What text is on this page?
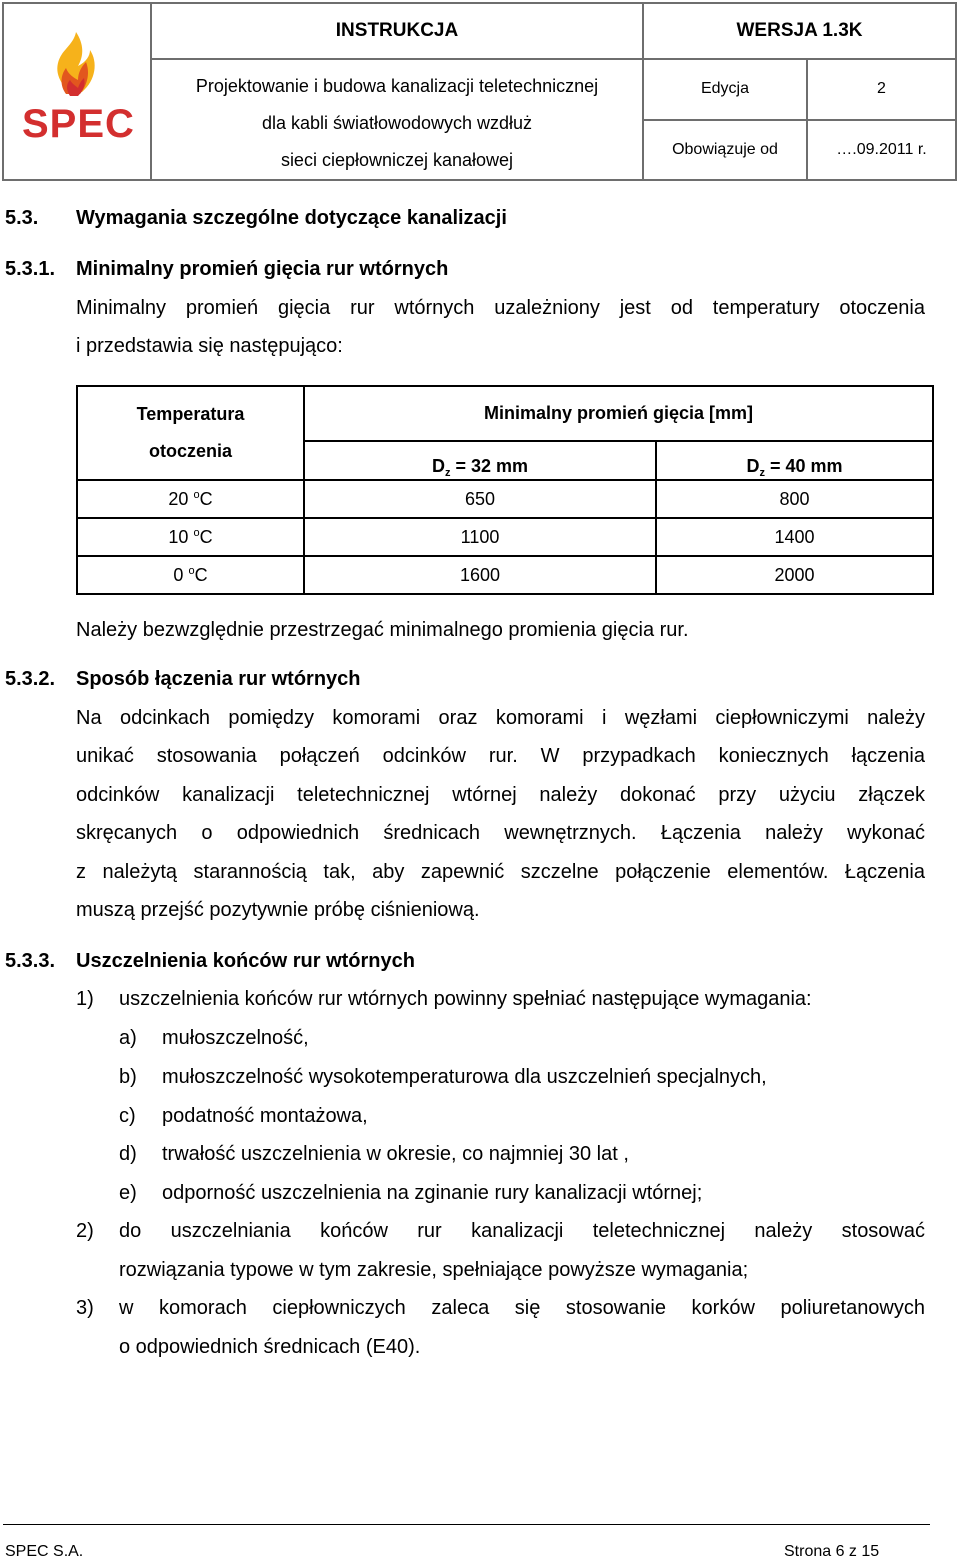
SPEC	INSTRUKCJA	WERSJA 1.3K	

	Projektowanie i budowa kanalizacji teletechnicznej
dla kabli światłowodowych wzdłuż
sieci ciepłowniczej kanałowej	Edycja	2
		Obowiązuje od	….09.2011 r.
5.3. Wymagania szczególne dotyczące kanalizacji
5.3.1. Minimalny promień gięcia rur wtórnych
Minimalny promień gięcia rur wtórnych uzależniony jest od temperatury otoczenia
i przedstawia się następująco:
Temperatura
otoczenia	Minimalny promień gięcia [mm]	
	$D_z = 32$ mm	$D_z = 40$ mm
20 $^o$C	650	800
10 $^o$C	1100	1400
0 $^o$C	1600	2000
Należy bezwzględnie przestrzegać minimalnego promienia gięcia rur.
5.3.2. Sposób łączenia rur wtórnych
Na odcinkach pomiędzy komorami oraz komorami i węzłami ciepłowniczymi należy
unikać stosowania połączeń odcinków rur. W przypadkach koniecznych łączenia
odcinków kanalizacji teletechnicznej wtórnej należy dokonać przy użyciu złączek
skręcanych o odpowiednich średnicach wewnętrznych. Łączenia należy wykonać
z należytą starannością tak, aby zapewnić szczelne połączenie elementów. Łączenia
muszą przejść pozytywnie próbę ciśnieniową.
5.3.3. Uszczelnienia końców rur wtórnych
1) uszczelnienia końców rur wtórnych powinny spełniać następujące wymagania:
a) mułoszczelność,
b) mułoszczelność wysokotemperaturowa dla uszczelnień specjalnych,
c) podatność montażowa,
d) trwałość uszczelnienia w okresie, co najmniej 30 lat ,
e) odporność uszczelnienia na zginanie rury kanalizacji wtórnej;
2) do uszczelniania końców rur kanalizacji teletechnicznej należy stosować
rozwiązania typowe w tym zakresie, spełniające powyższe wymagania;
3) w komorach ciepłowniczych zaleca się stosowanie korków poliuretanowych
o odpowiednich średnicach (E40).
SPEC S.A.	Strona 6 z 15
